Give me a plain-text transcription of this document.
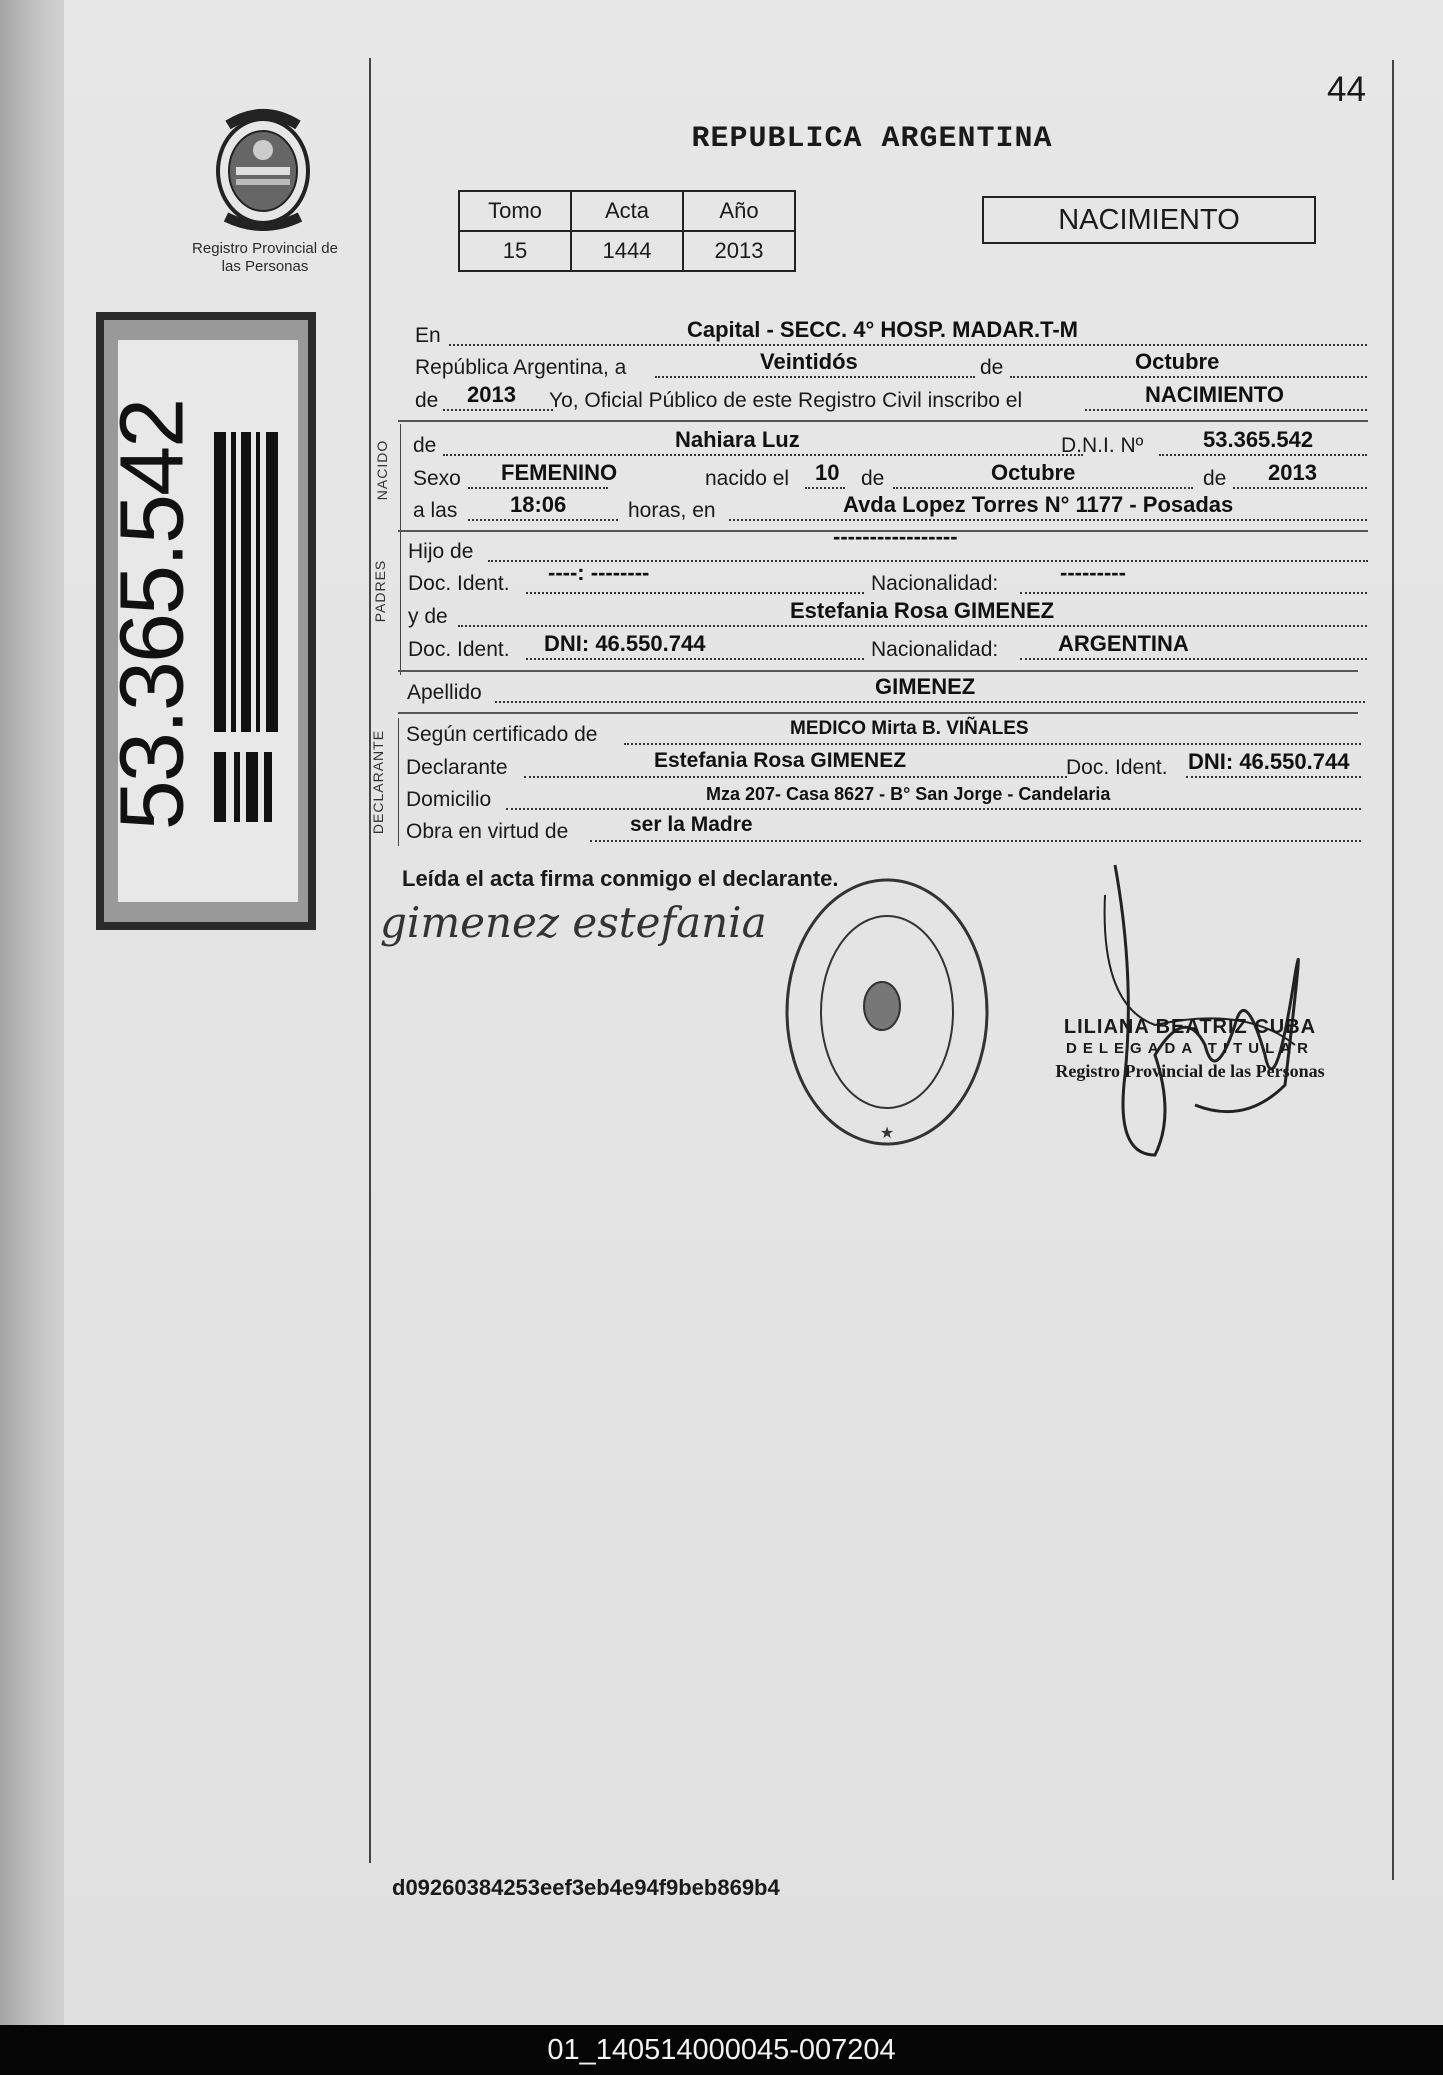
44
Registro Provincial de las Personas
53.365.542
REPUBLICA ARGENTINA
Tomo	Acta	Año
15	1444	2013
NACIMIENTO
En	Capital - SECC. 4° HOSP. MADAR.T-M
República Argentina, a	Veintidós	de	Octubre
de 2013 Yo, Oficial Público de este Registro Civil inscribo el	NACIMIENTO
NACIDO de	Nahiara Luz	D.N.I. Nº	53.365.542
Sexo FEMENINO	nacido el 10 de	Octubre	de 2013
a las 18:06	horas, en	Avda Lopez Torres N° 1177 - Posadas
PADRES
Hijo de
-----------------
Doc. Ident. ----: --------	Nacionalidad:	---------
y de	Estefania Rosa GIMENEZ
Doc. Ident. DNI: 46.550.744	Nacionalidad:	ARGENTINA
Apellido	GIMENEZ
DECLARANTE Según certificado de	MEDICO Mirta B. VIÑALES
Declarante	Estefania Rosa GIMENEZ	Doc. Ident. DNI: 46.550.744
Domicilio	Mza 207- Casa 8627 - B° San Jorge - Candelaria
Obra en virtud de	ser la Madre
Leída el acta firma conmigo el declarante.
gimenez estefania
★
LILIANA BEATRIZ CUBA
DELEGADA TITULAR
Registro Provincial de las Personas
d09260384253eef3eb4e94f9beb869b4
01_140514000045-007204
